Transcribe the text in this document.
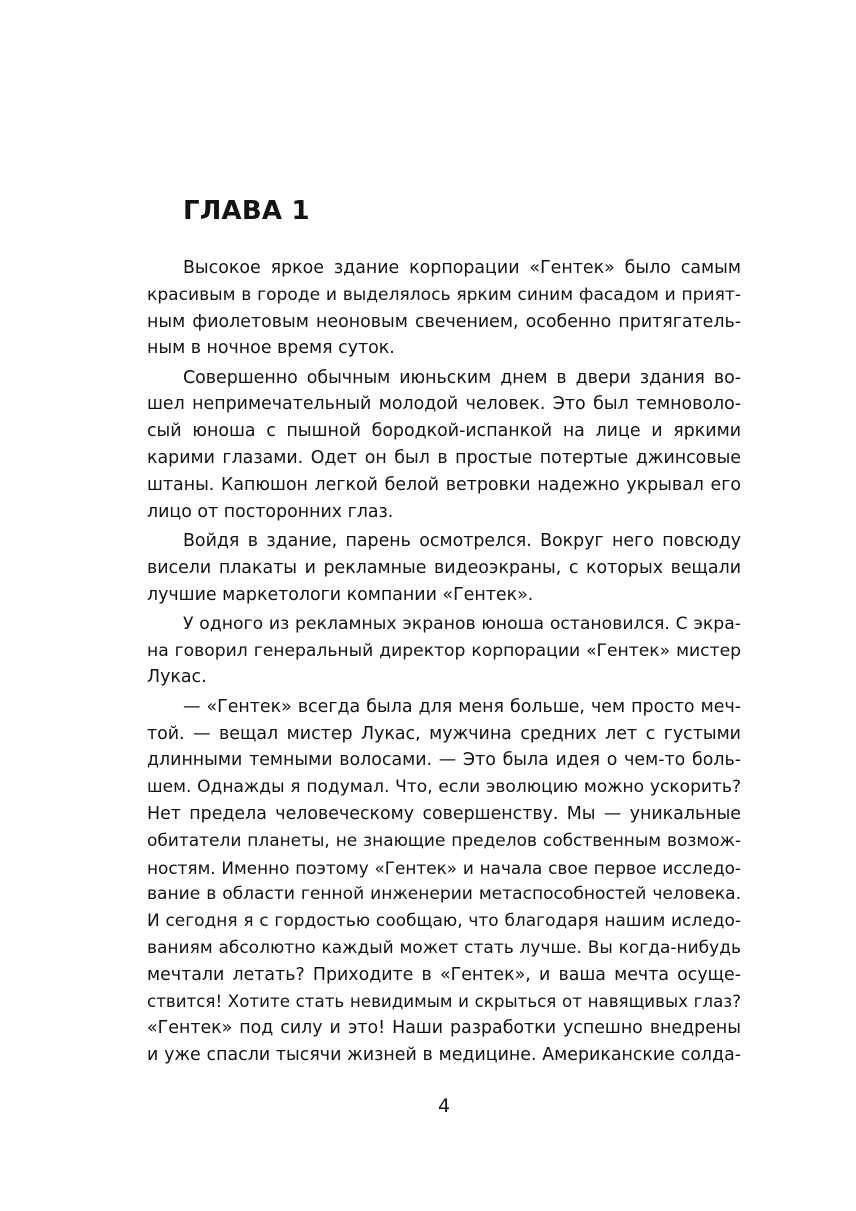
ГЛАВА 1
Высокое яркое здание корпорации «Гентек» было самым
красивым в городе и выделялось ярким синим фасадом и прият-
ным фиолетовым неоновым свечением, особенно притягатель-
ным в ночное время суток.
Совершенно обычным июньским днем в двери здания во-
шел непримечательный молодой человек. Это был темноволо-
сый юноша с пышной бородкой-испанкой на лице и яркими
карими глазами. Одет он был в простые потертые джинсовые
штаны. Капюшон легкой белой ветровки надежно укрывал его
лицо от посторонних глаз.
Войдя в здание, парень осмотрелся. Вокруг него повсюду
висели плакаты и рекламные видеоэкраны, с которых вещали
лучшие маркетологи компании «Гентек».
У одного из рекламных экранов юноша остановился. С экра-
на говорил генеральный директор корпорации «Гентек» мистер
Лукас.
— «Гентек» всегда была для меня больше, чем просто меч-
той. — вещал мистер Лукас, мужчина средних лет с густыми
длинными темными волосами. — Это была идея о чем-то боль-
шем. Однажды я подумал. Что, если эволюцию можно ускорить?
Нет предела человеческому совершенству. Мы — уникальные
обитатели планеты, не знающие пределов собственным возмож-
ностям. Именно поэтому «Гентек» и начала свое первое исследо-
вание в области генной инженерии метаспособностей человека.
И сегодня я с гордостью сообщаю, что благодаря нашим иследо-
ваниям абсолютно каждый может стать лучше. Вы когда-нибудь
мечтали летать? Приходите в «Гентек», и ваша мечта осуще-
ствится! Хотите стать невидимым и скрыться от навящивых глаз?
«Гентек» под силу и это! Наши разработки успешно внедрены
и уже спасли тысячи жизней в медицине. Американские солда-
4
